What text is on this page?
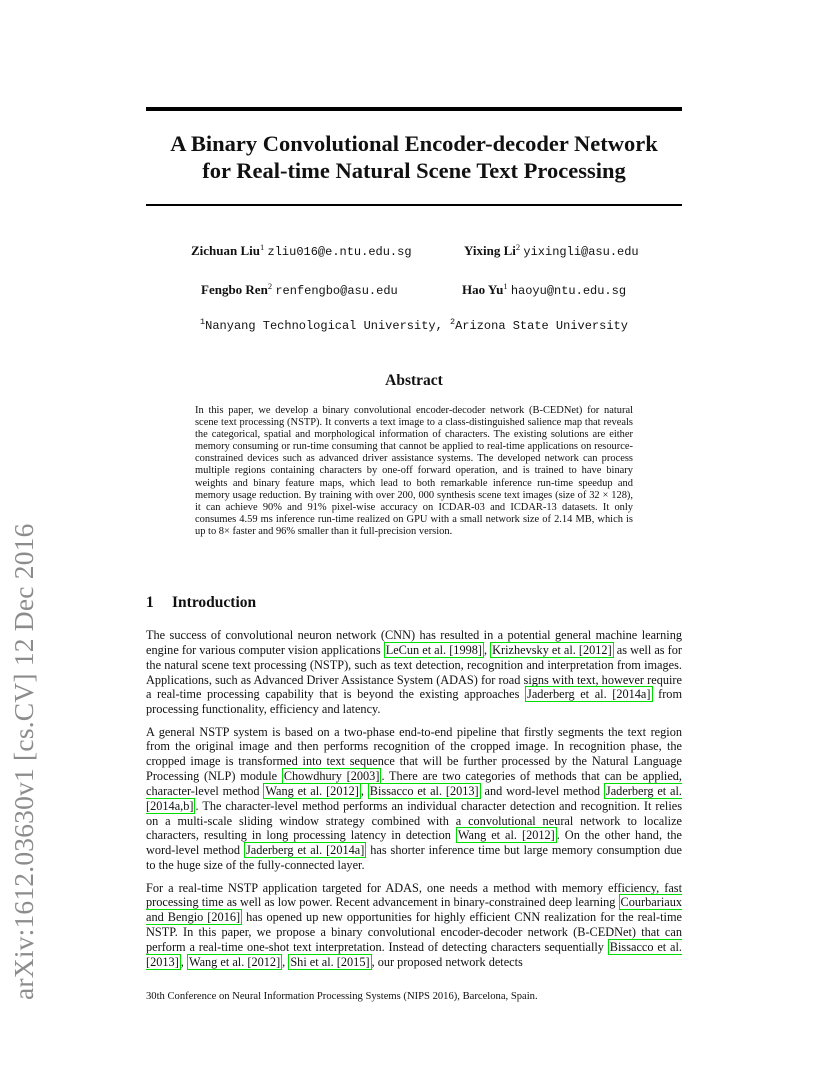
arXiv:1612.03630v1 [cs.CV] 12 Dec 2016
A Binary Convolutional Encoder-decoder Network
for Real-time Natural Scene Text Processing
Zichuan Liu$^1$ zliu016@e.ntu.edu.sg	Yixing Li$^2$ yixingli@asu.edu
Fengbo Ren$^2$ renfengbo@asu.edu	Hao Yu$^1$ haoyu@ntu.edu.sg
$^1$Nanyang Technological University, $^2$Arizona State University
Abstract

In this paper, we develop a binary convolutional encoder-decoder network (B-CEDNet) for natural scene text processing (NSTP). It converts a text image to a class-distinguished salience map that reveals the categorical, spatial and morphological information of characters. The existing solutions are either memory consuming or run-time consuming that cannot be applied to real-time applications on resource-constrained devices such as advanced driver assistance systems. The developed network can process multiple regions containing characters by one-off forward operation, and is trained to have binary weights and binary feature maps, which lead to both remarkable inference run-time speedup and memory usage reduction. By training with over 200, 000 synthesis scene text images (size of 32 × 128), it can achieve 90% and 91% pixel-wise accuracy on ICDAR-03 and ICDAR-13 datasets. It only consumes 4.59 ms inference run-time realized on GPU with a small network size of 2.14 MB, which is up to 8× faster and 96% smaller than it full-precision version.

1 Introduction

The success of convolutional neuron network (CNN) has resulted in a potential general machine learning engine for various computer vision applications LeCun et al. [1998] , Krizhevsky et al. [2012] as well as for the natural scene text processing (NSTP), such as text detection, recognition and interpretation from images. Applications, such as Advanced Driver Assistance System (ADAS) for road signs with text, however require a real-time processing capability that is beyond the existing approaches Jaderberg et al. [2014a] from processing functionality, efficiency and latency.

A general NSTP system is based on a two-phase end-to-end pipeline that firstly segments the text region from the original image and then performs recognition of the cropped image. In recognition phase, the cropped image is transformed into text sequence that will be further processed by the Natural Language Processing (NLP) module Chowdhury [2003] . There are two categories of methods that can be applied, character-level method Wang et al. [2012] , Bissacco et al. [2013] and word-level method Jaderberg et al. [2014a,b] . The character-level method performs an individual character detection and recognition. It relies on a multi-scale sliding window strategy combined with a convolutional neural network to localize characters, resulting in long processing latency in detection Wang et al. [2012] . On the other hand, the word-level method Jaderberg et al. [2014a] has shorter inference time but large memory consumption due to the huge size of the fully-connected layer.

For a real-time NSTP application targeted for ADAS, one needs a method with memory efficiency, fast processing time as well as low power. Recent advancement in binary-constrained deep learning Courbariaux and Bengio [2016] has opened up new opportunities for highly efficient CNN realization for the real-time NSTP. In this paper, we propose a binary convolutional encoder-decoder network (B-CEDNet) that can perform a real-time one-shot text interpretation. Instead of detecting characters sequentially Bissacco et al. [2013] , Wang et al. [2012] , Shi et al. [2015] , our proposed network detects

30th Conference on Neural Information Processing Systems (NIPS 2016), Barcelona, Spain.
